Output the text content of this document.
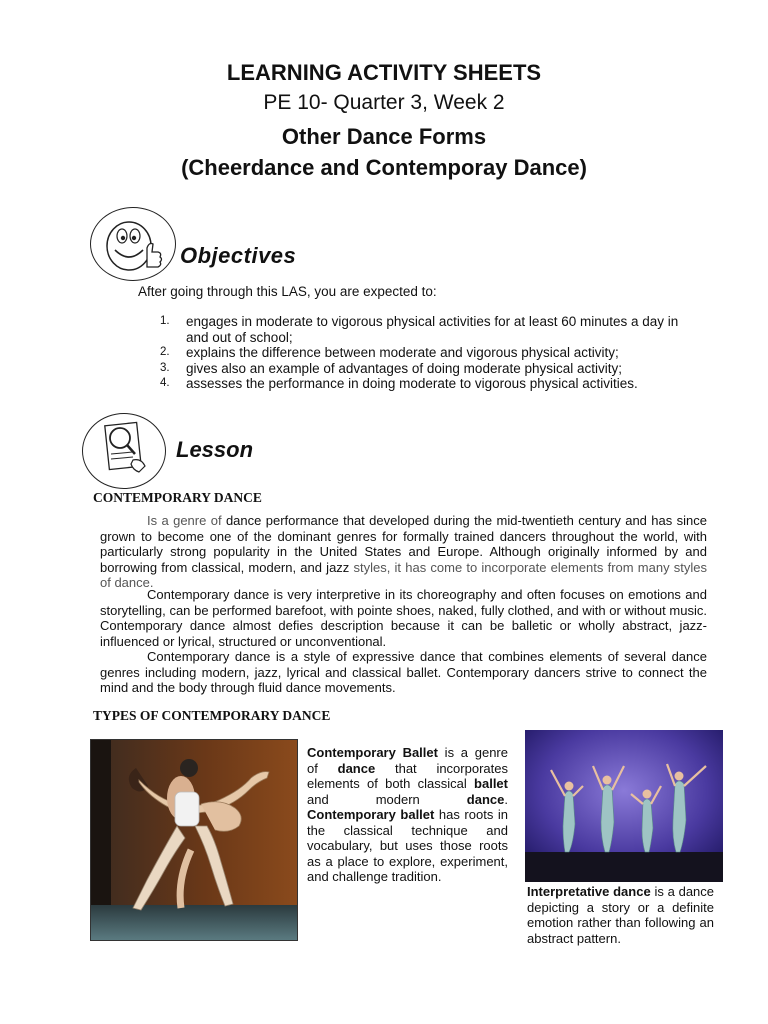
LEARNING ACTIVITY SHEETS
PE 10- Quarter 3, Week 2
Other Dance Forms
(Cheerdance and Contemporay Dance)
Objectives
After going through this LAS, you are expected to:
1. engages in moderate to vigorous physical activities for at least 60 minutes a day in and out of school;
2. explains the difference between moderate and vigorous physical activity;
3. gives also an example of advantages of doing moderate physical activity;
4. assesses the performance in doing moderate to vigorous physical activities.
Lesson
CONTEMPORARY DANCE

Is a genre of dance performance that developed during the mid-twentieth century and has since grown to become one of the dominant genres for formally trained dancers throughout the world, with particularly strong popularity in the United States and Europe. Although originally informed by and borrowing from classical, modern, and jazz styles, it has come to incorporate elements from many styles of dance.

Contemporary dance is very interpretive in its choreography and often focuses on emotions and storytelling, can be performed barefoot, with pointe shoes, naked, fully clothed, and with or without music. Contemporary dance almost defies description because it can be balletic or wholly abstract, jazz-influenced or lyrical, structured or unconventional.

Contemporary dance is a style of expressive dance that combines elements of several dance genres including modern, jazz, lyrical and classical ballet. Contemporary dancers strive to connect the mind and the body through fluid dance movements.

TYPES OF CONTEMPORARY DANCE

Contemporary Ballet is a genre of dance that incorporates elements of both classical ballet and modern dance. Contemporary ballet has roots in the classical technique and vocabulary, but uses those roots as a place to explore, experiment, and challenge tradition.

Interpretative dance is a dance depicting a story or a definite emotion rather than following an abstract pattern.
